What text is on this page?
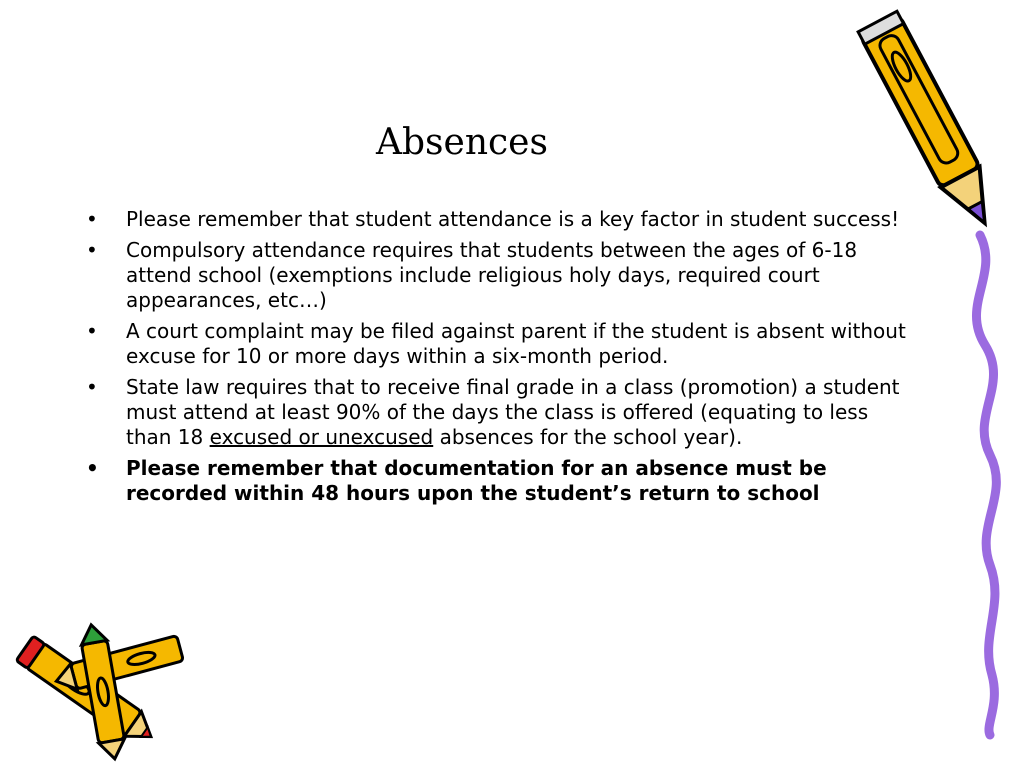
Absences
•	Please remember that student attendance is a key factor in student success!
•	Compulsory attendance requires that students between the ages of 6-18 attend school (exemptions include religious holy days, required court appearances, etc…)
•	A court complaint may be filed against parent if the student is absent without excuse for 10 or more days within a six-month period.
•	State law requires that to receive final grade in a class (promotion) a student must attend at least 90% of the days the class is offered (equating to less than 18 excused or unexcused absences for the school year).
•	Please remember that documentation for an absence must be recorded within 48 hours upon the student’s return to school
